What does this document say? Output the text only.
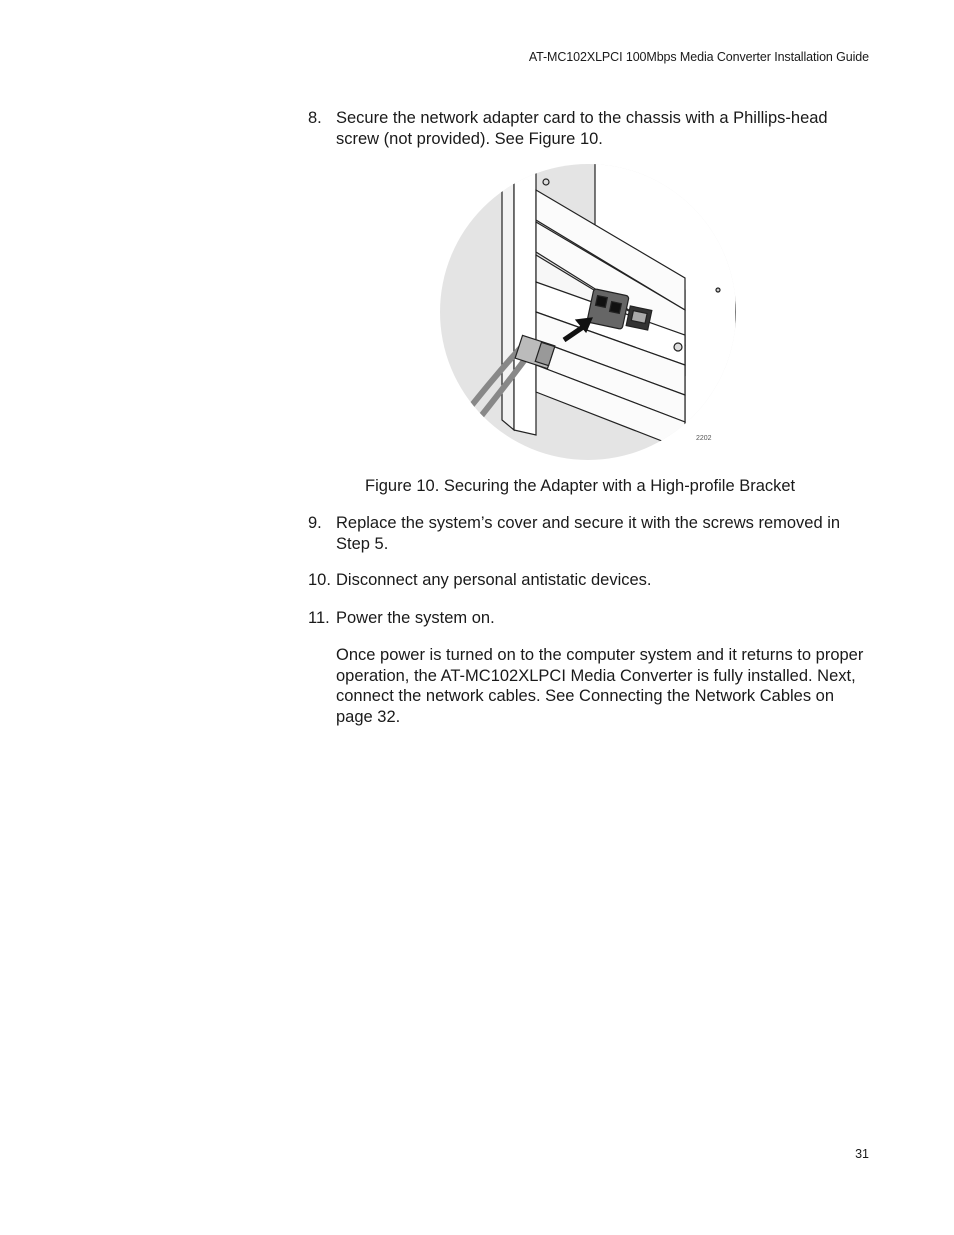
AT-MC102XLPCI 100Mbps Media Converter Installation Guide
8. Secure the network adapter card to the chassis with a Phillips-head screw (not provided). See Figure 10.
2202
Figure 10. Securing the Adapter with a High-profile Bracket
9. Replace the system’s cover and secure it with the screws removed in Step 5.
10. Disconnect any personal antistatic devices.
11. Power the system on.
Once power is turned on to the computer system and it returns to proper operation, the AT-MC102XLPCI Media Converter is fully installed. Next, connect the network cables. See Connecting the Network Cables on page 32.
31
